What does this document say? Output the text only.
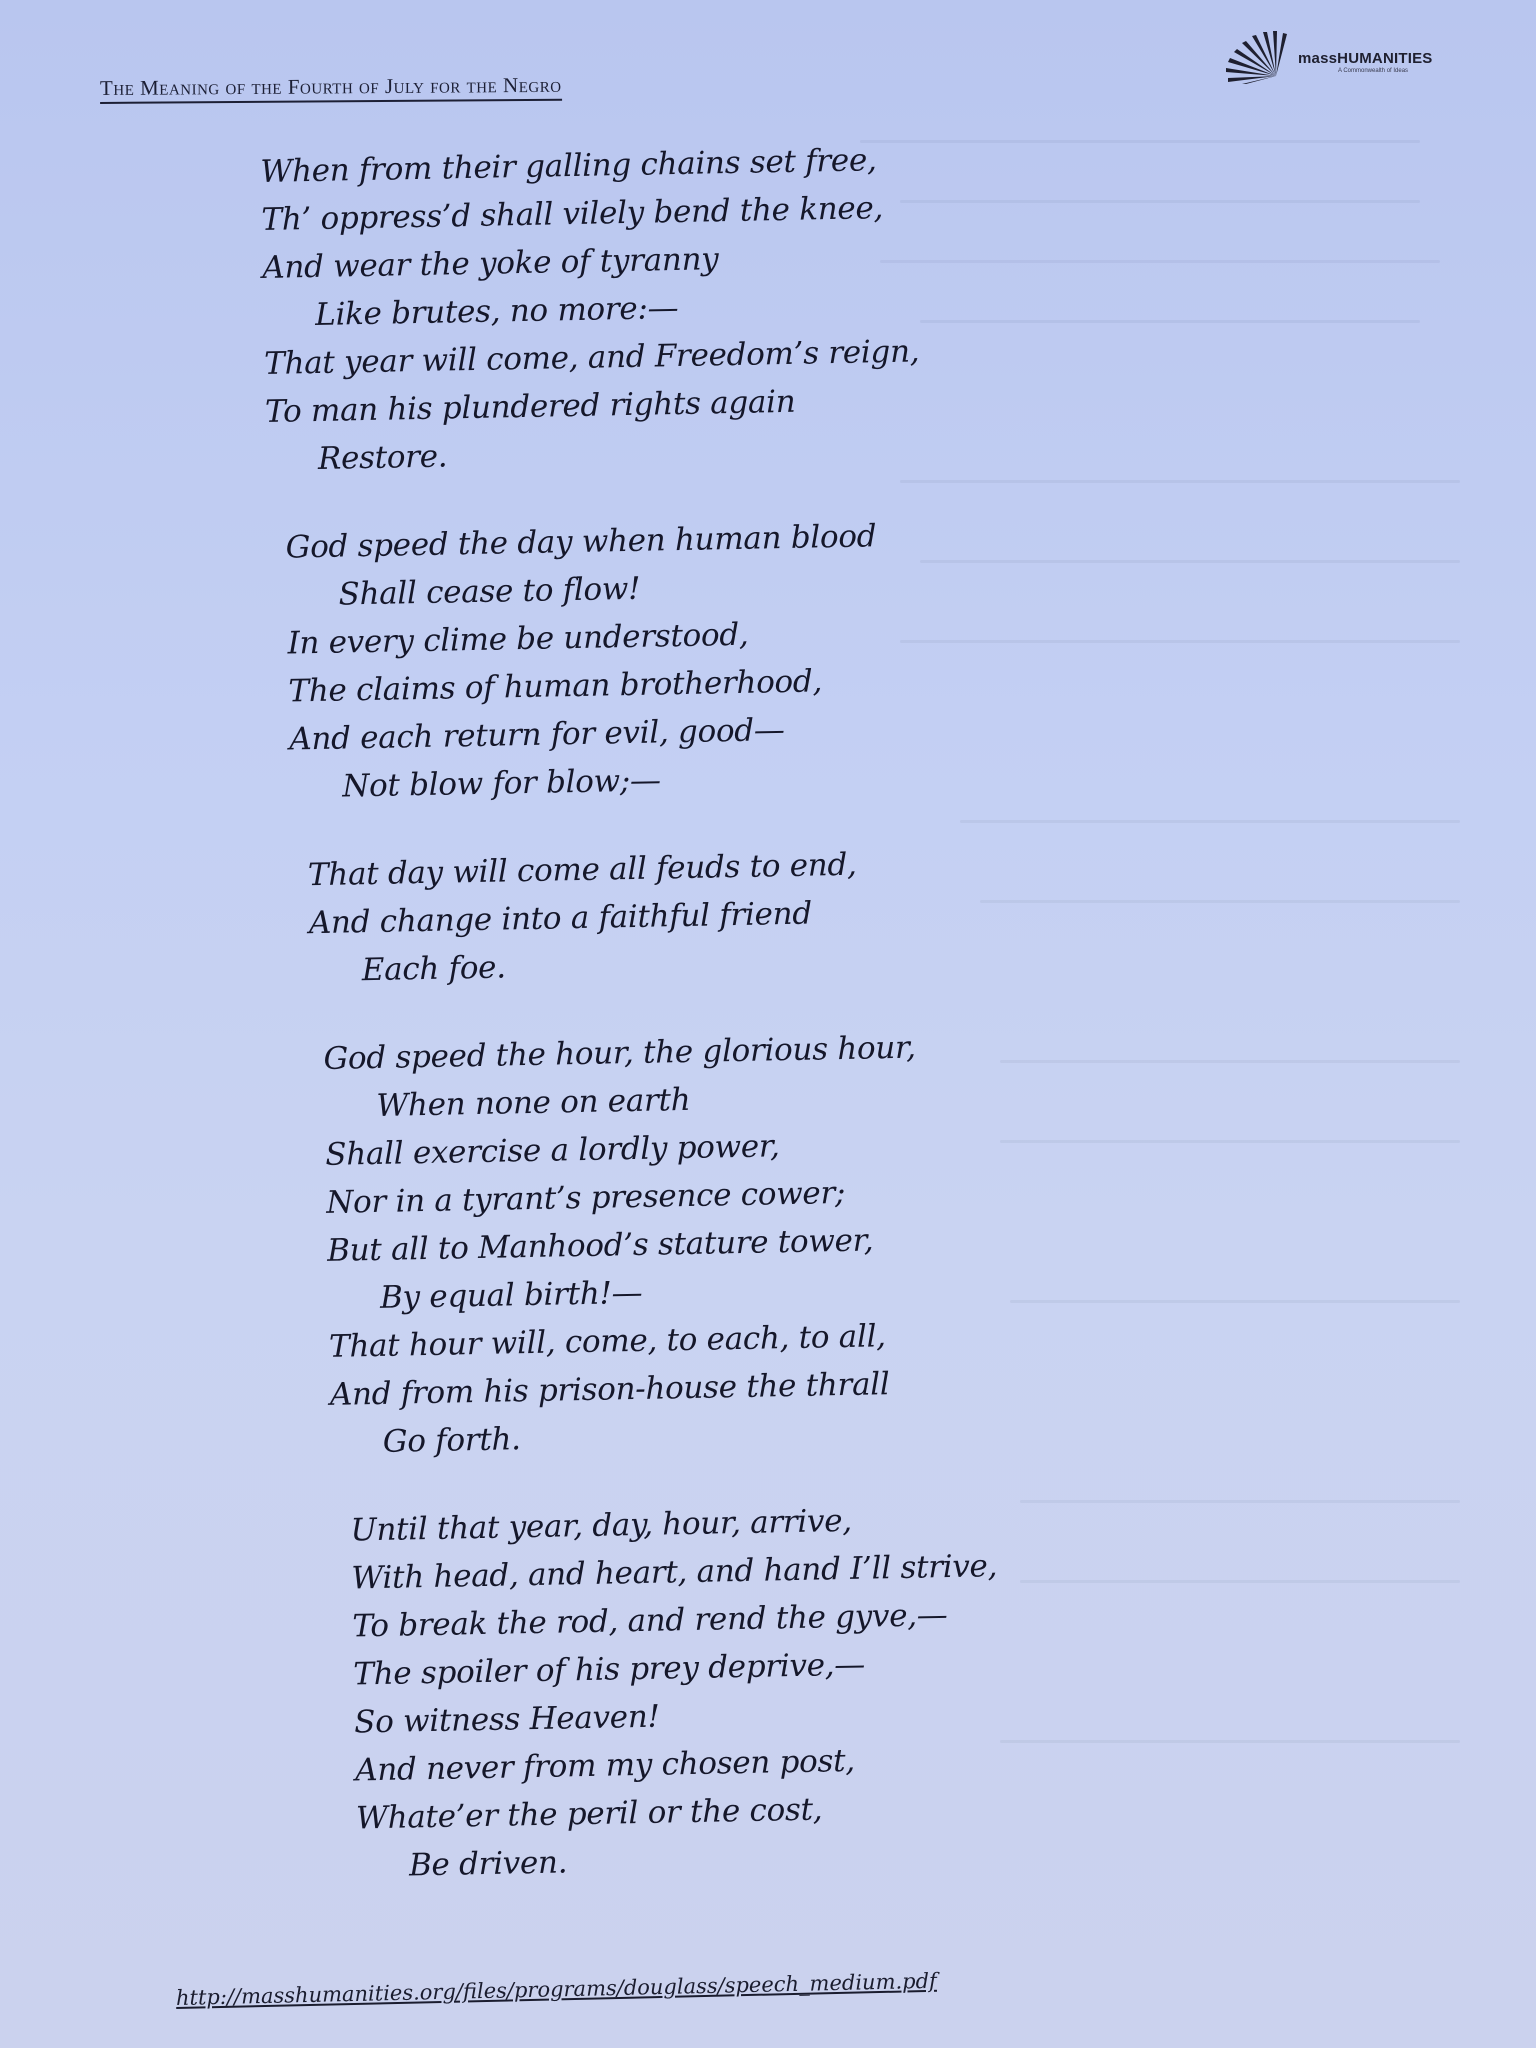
The Meaning of the Fourth of July for the Negro
massHUMANITIES
A Commonwealth of Ideas
When from their galling chains set free,
Th’ oppress’d shall vilely bend the knee,
And wear the yoke of tyranny
Like brutes, no more:—
That year will come, and Freedom’s reign,
To man his plundered rights again
Restore.
God speed the day when human blood
Shall cease to flow!
In every clime be understood,
The claims of human brotherhood,
And each return for evil, good—
Not blow for blow;—
That day will come all feuds to end,
And change into a faithful friend
Each foe.
God speed the hour, the glorious hour,
When none on earth
Shall exercise a lordly power,
Nor in a tyrant’s presence cower;
But all to Manhood’s stature tower,
By equal birth!—
That hour will, come, to each, to all,
And from his prison-house the thrall
Go forth.
Until that year, day, hour, arrive,
With head, and heart, and hand I’ll strive,
To break the rod, and rend the gyve,—
The spoiler of his prey deprive,—
So witness Heaven!
And never from my chosen post,
Whate’er the peril or the cost,
Be driven.
http://masshumanities.org/files/programs/douglass/speech_medium.pdf
